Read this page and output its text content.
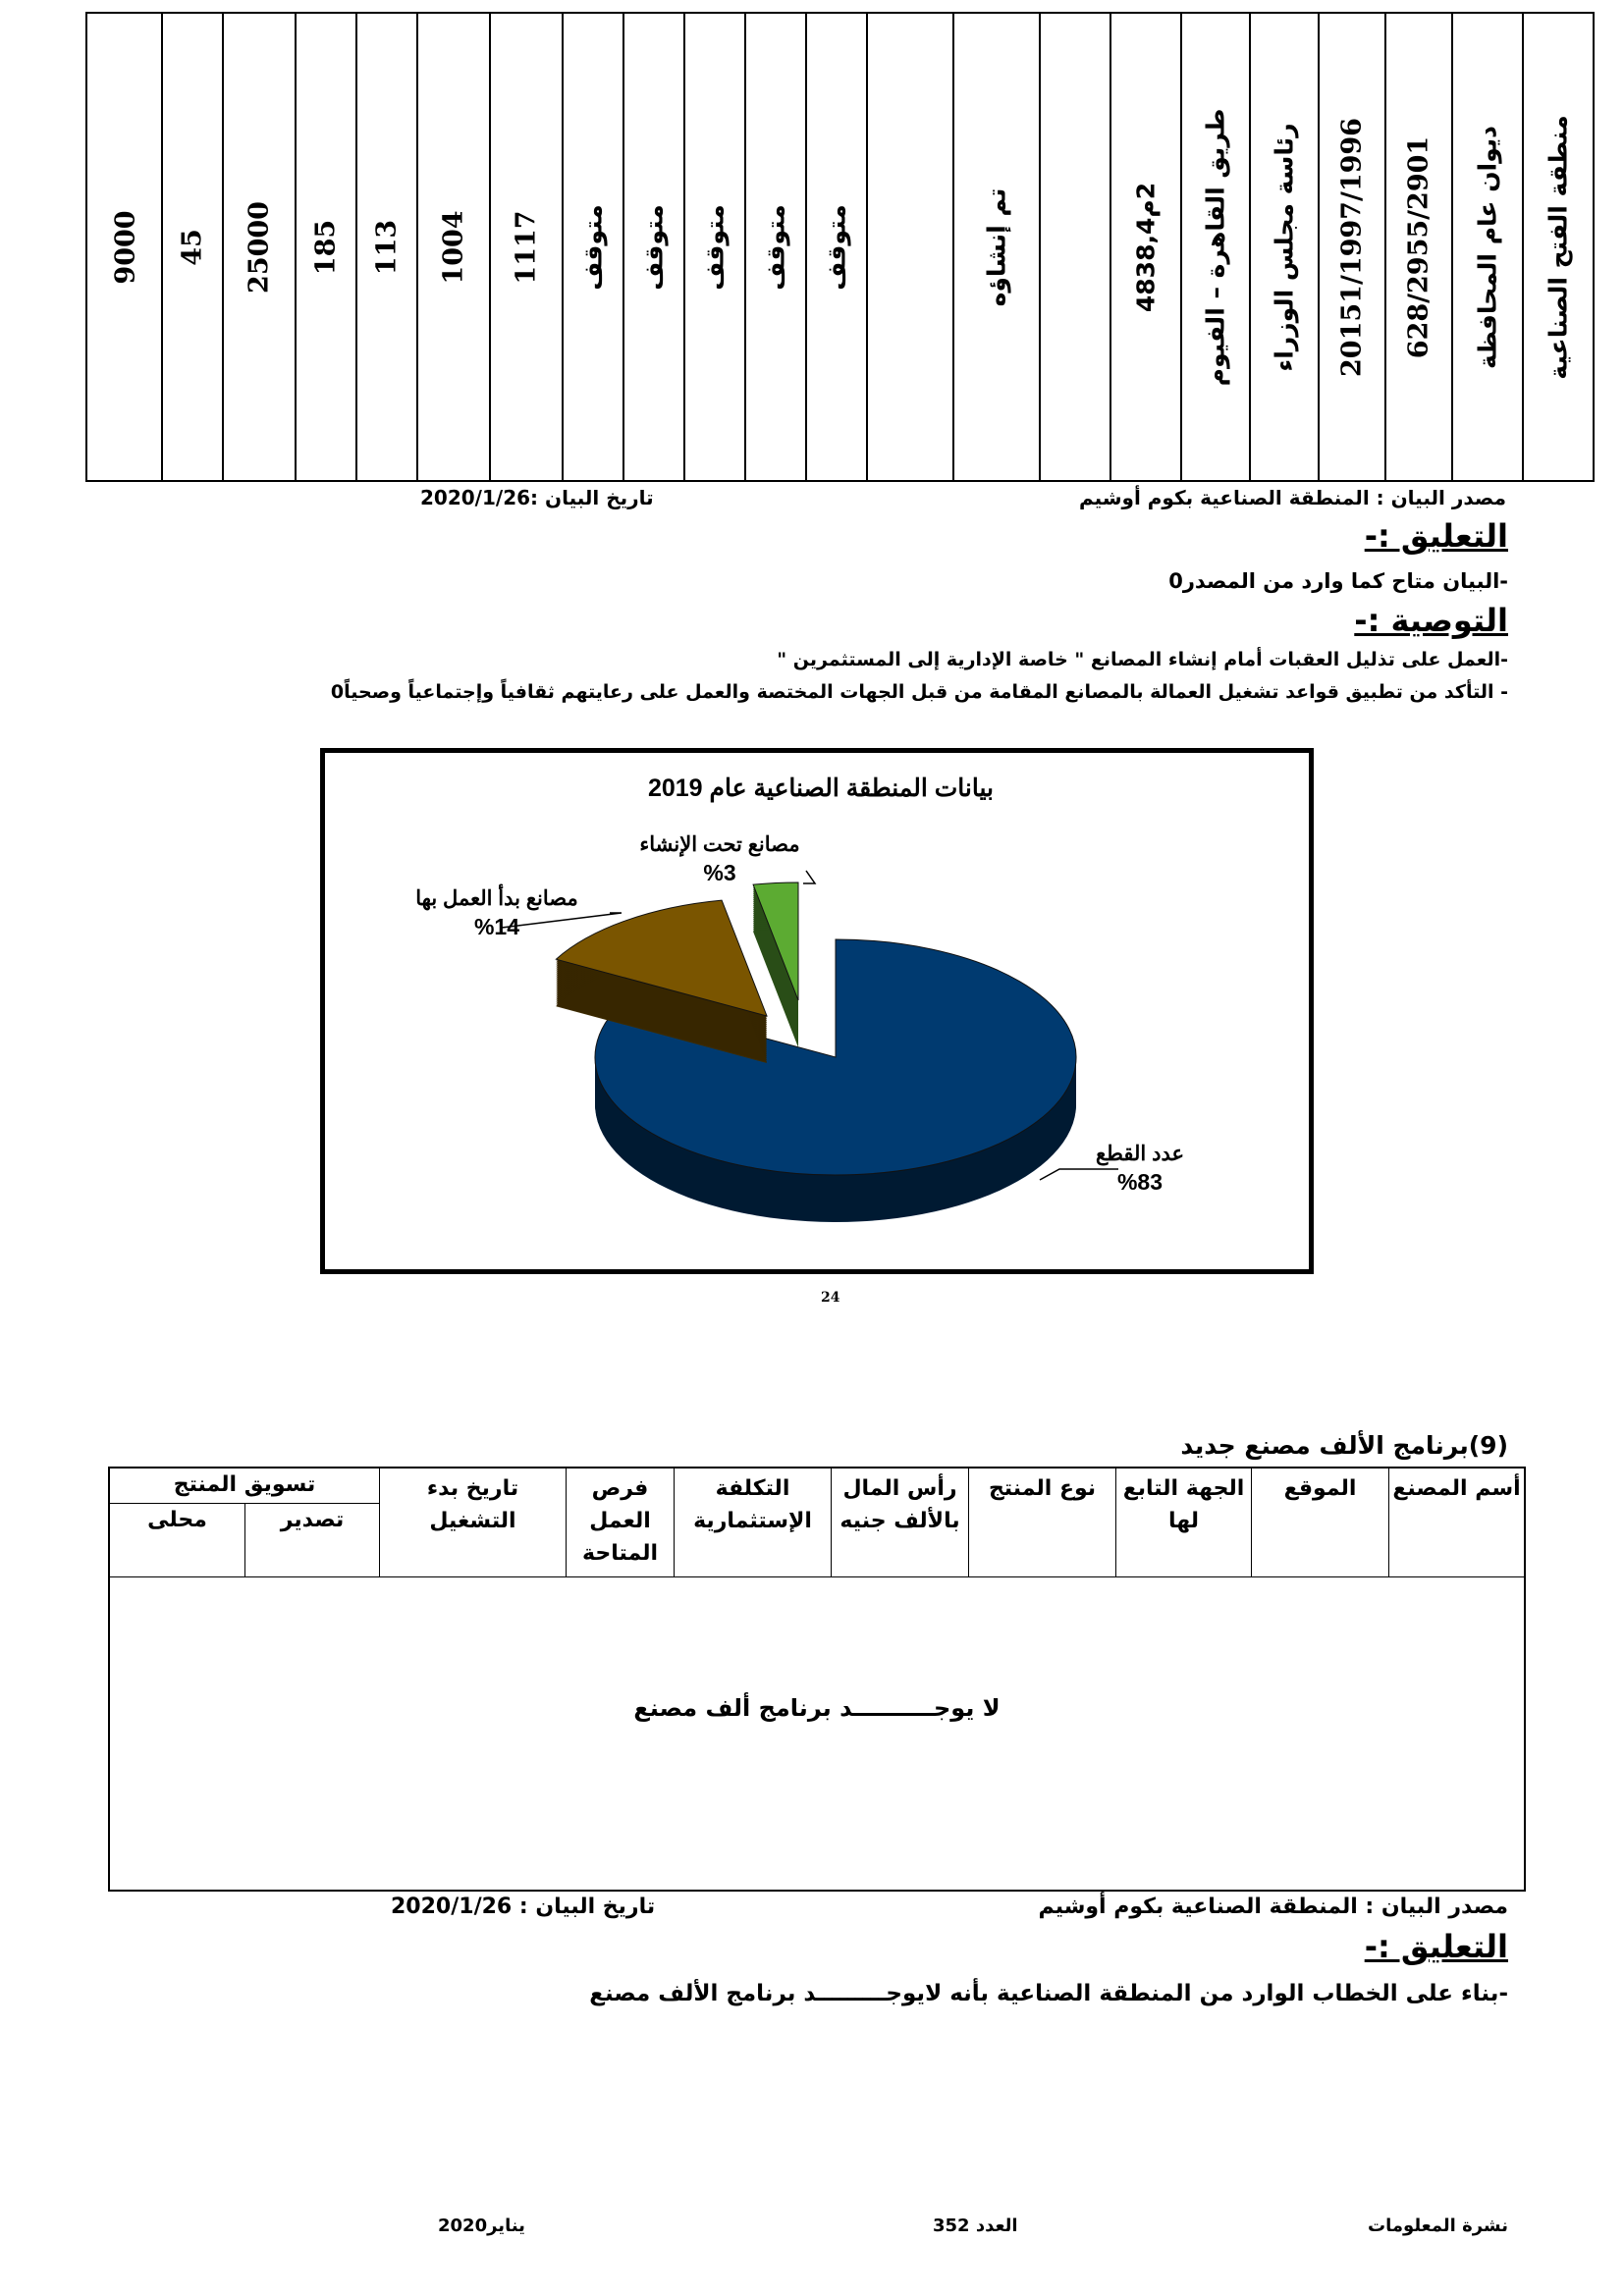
منطقة الفتح الصناعية
ديوان عام المحافظة
628/2955/2901
20151/1997/1996
رئاسة مجلس الوزراء
طريق القاهرة – الفيوم
2م4838,4
تم إنشاؤه
متوقف
متوقف
متوقف
متوقف
متوقف
1117
1004
113
185
25000
45
9000
مصدر البيان : المنطقة الصناعية بكوم أوشيم
تاريخ البيان :2020/1/26
التعليق :-
-البيان متاح كما وارد من المصدر0
التوصية :-
-العمل على تذليل العقبات أمام إنشاء المصانع " خاصة الإدارية إلى المستثمرين "
- التأكد من تطبيق قواعد تشغيل العمالة بالمصانع المقامة من قبل الجهات المختصة والعمل على رعايتهم ثقافياً وإجتماعياً وصحياً0
بيانات المنطقة الصناعية عام 2019
عدد القطع
%83
مصانع بدأ العمل بها
%14
مصانع تحت الإنشاء
%3
24
(9)برنامج الألف مصنع جديد
لا يوجــــــــــد برنامج ألف مصنع
أسم المصنع
الموقع
الجهة التابع لها
نوع المنتج
رأس المال بالألف جنيه
التكلفة الإستثمارية
فرص العمل المتاحة
تاريخ بدء التشغيل
تسويق المنتج
تصدير
محلى
مصدر البيان : المنطقة الصناعية بكوم أوشيم
تاريخ البيان : 2020/1/26
التعليق :-
-بناء على الخطاب الوارد من المنطقة الصناعية بأنه لايوجـــــــــد برنامج الألف مصنع
نشرة المعلومات
العدد 352
يناير2020
